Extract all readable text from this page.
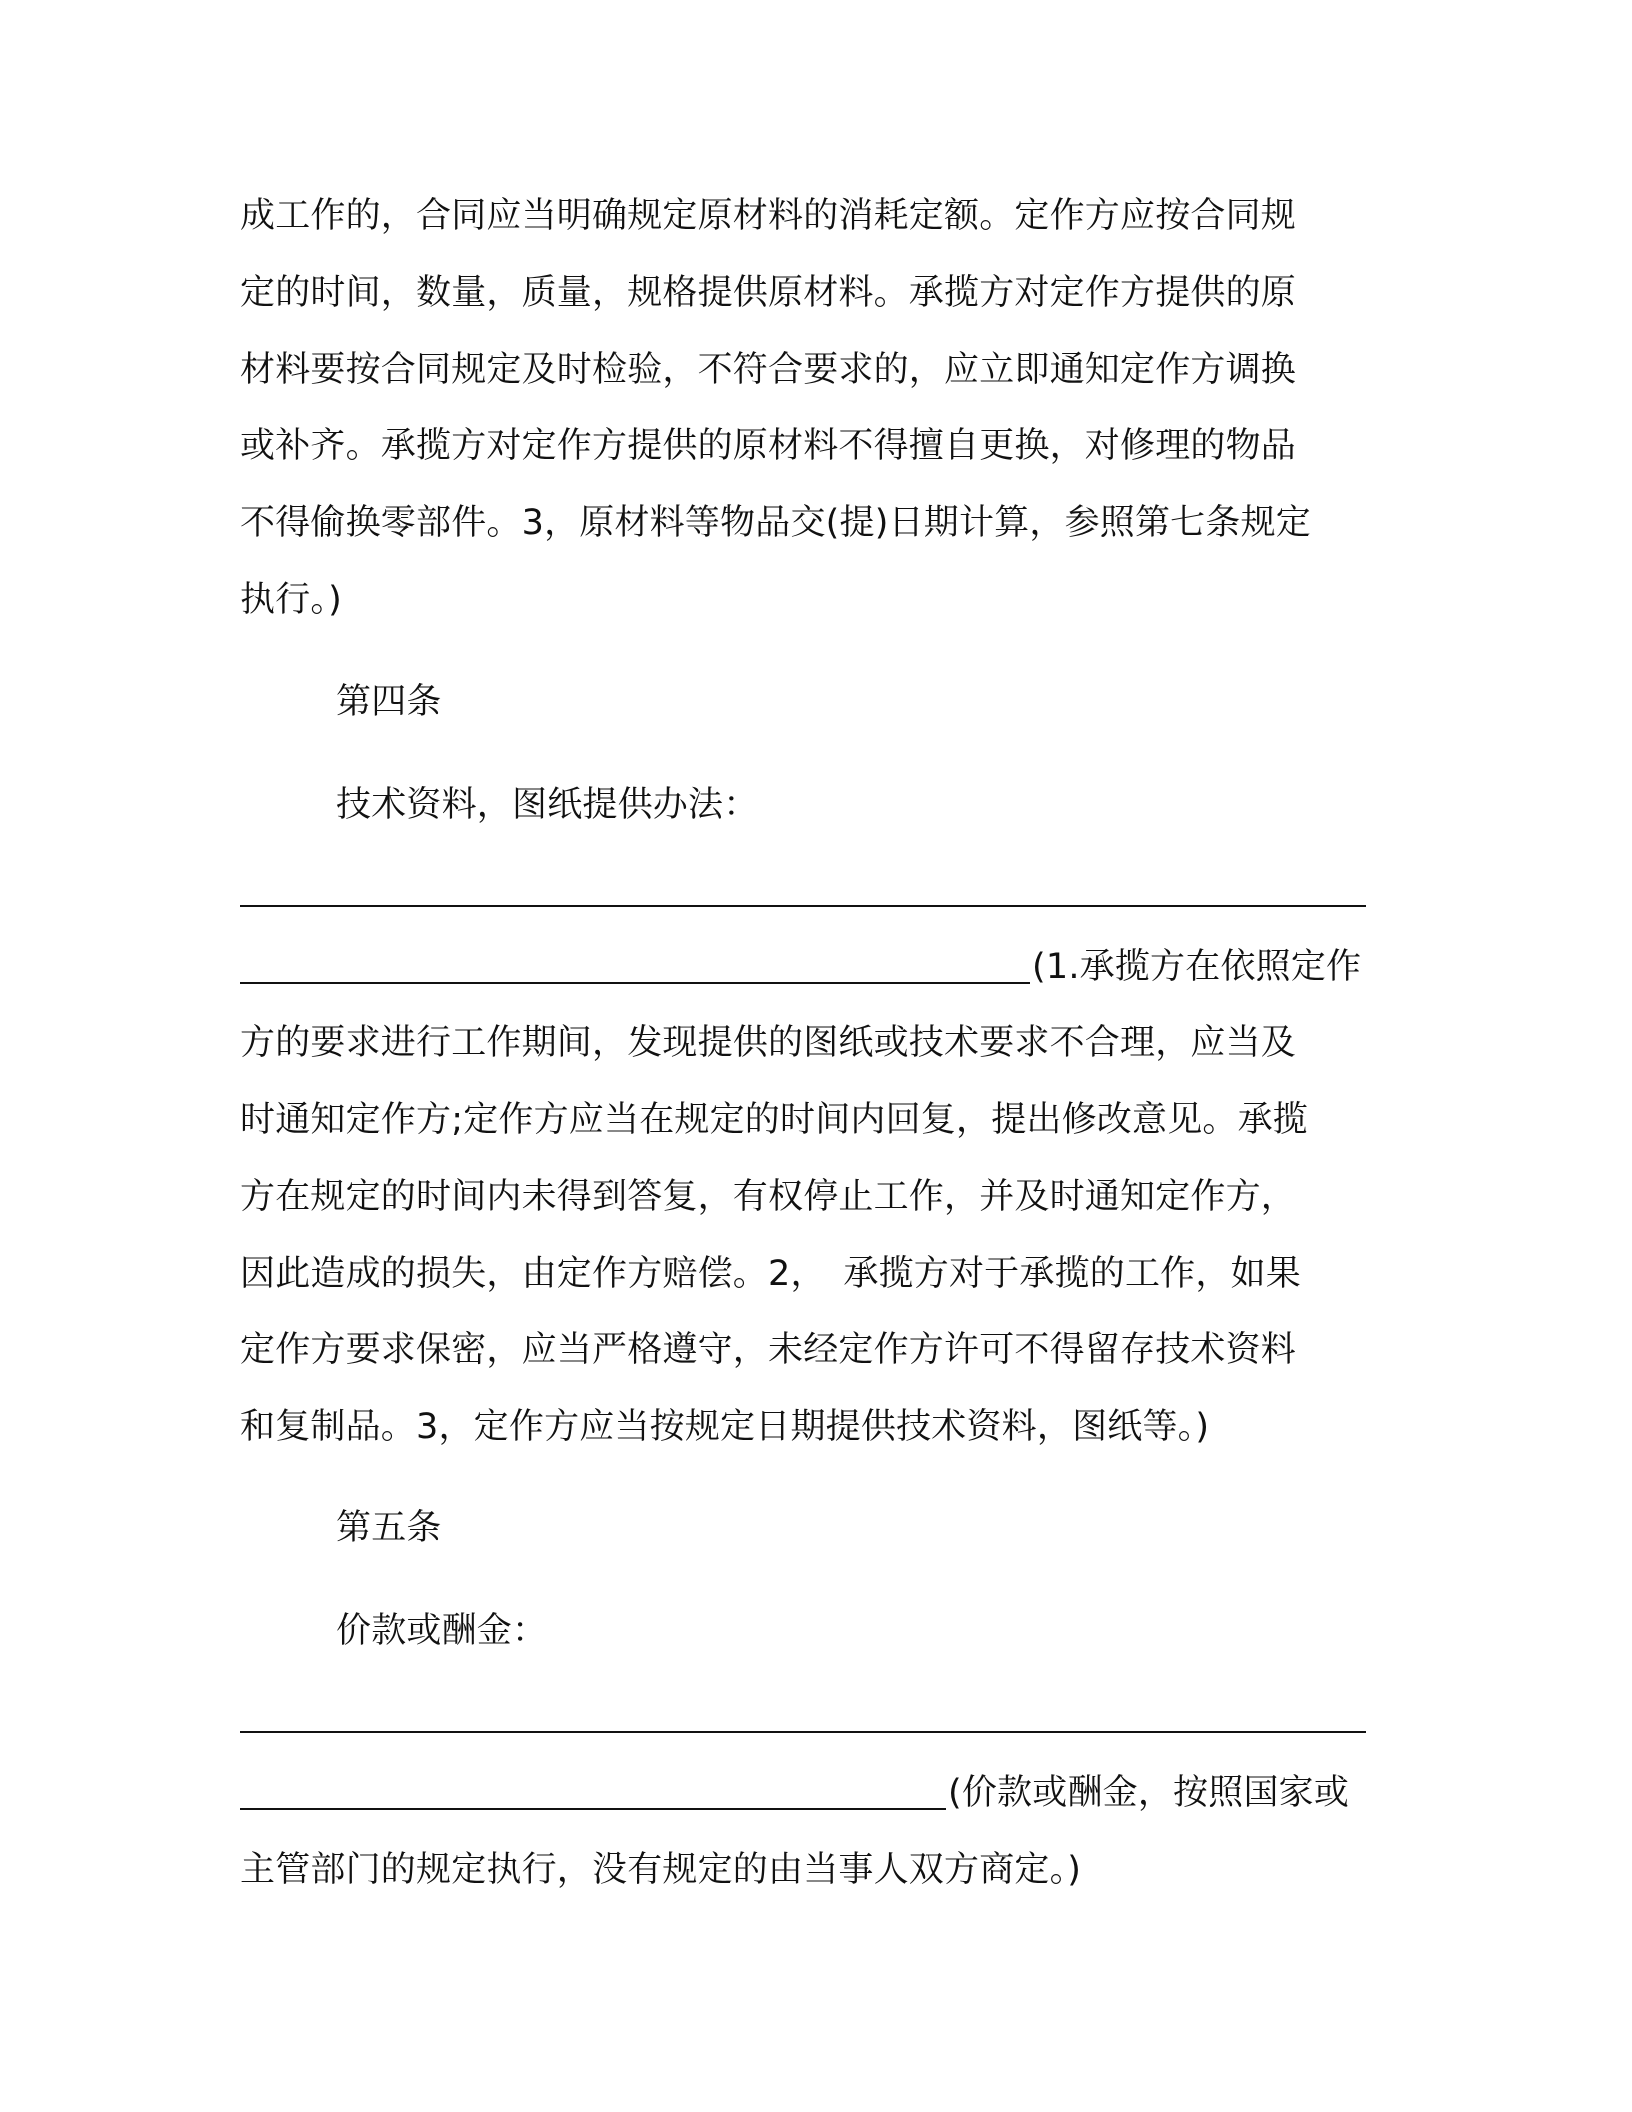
成工作的，合同应当明确规定原材料的消耗定额。定作方应按合同规
定的时间，数量，质量，规格提供原材料。承揽方对定作方提供的原
材料要按合同规定及时检验，不符合要求的，应立即通知定作方调换
或补齐。承揽方对定作方提供的原材料不得擅自更换，对修理的物品
不得偷换零部件。3，原材料等物品交(提)日期计算，参照第七条规定
执行。)
第四条
技术资料，图纸提供办法：
(1.承揽方在依照定作
方的要求进行工作期间，发现提供的图纸或技术要求不合理，应当及
时通知定作方;定作方应当在规定的时间内回复，提出修改意见。承揽
方在规定的时间内未得到答复，有权停止工作，并及时通知定作方，
因此造成的损失，由定作方赔偿。2，　承揽方对于承揽的工作，如果
定作方要求保密，应当严格遵守，未经定作方许可不得留存技术资料
和复制品。3，定作方应当按规定日期提供技术资料，图纸等。)
第五条
价款或酬金：
(价款或酬金，按照国家或
主管部门的规定执行，没有规定的由当事人双方商定。)
